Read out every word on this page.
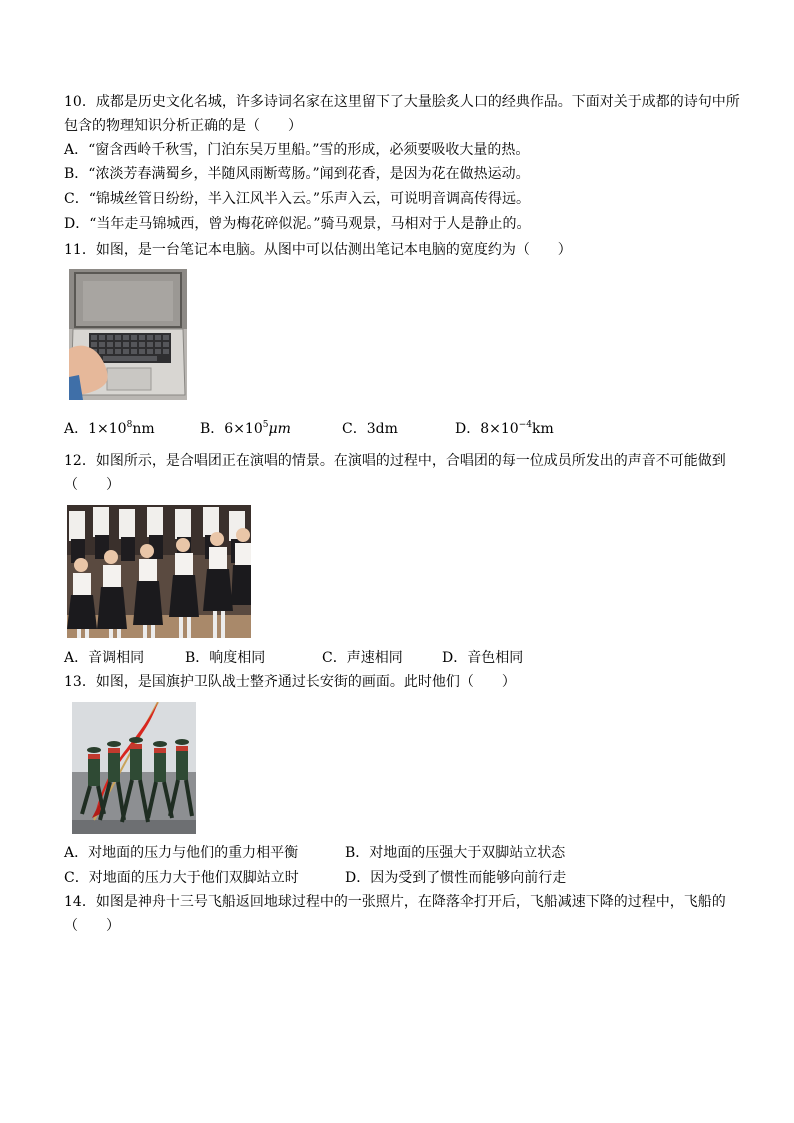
10．成都是历史文化名城，许多诗词名家在这里留下了大量脍炙人口的经典作品。下面对关于成都的诗句中所
包含的物理知识分析正确的是（　　）
A．“窗含西岭千秋雪，门泊东吴万里船。”雪的形成，必须要吸收大量的热。
B．“浓淡芳春满蜀乡，半随风雨断莺肠。”闻到花香，是因为花在做热运动。
C．“锦城丝管日纷纷，半入江风半入云。”乐声入云，可说明音调高传得远。
D．“当年走马锦城西，曾为梅花碎似泥。”骑马观景，马相对于人是静止的。
11．如图，是一台笔记本电脑。从图中可以估测出笔记本电脑的宽度约为（　　）
A．$1\times 10^8nm$	B．$6\times 10^5\mu m$	C．3dm	D．$8\times 10^{-4}km$
12．如图所示，是合唱团正在演唱的情景。在演唱的过程中，合唱团的每一位成员所发出的声音不可能做到
（　　）
A．音调相同	B．响度相同	C．声速相同	D．音色相同
13．如图，是国旗护卫队战士整齐通过长安街的画面。此时他们（　　）
A．对地面的压力与他们的重力相平衡	B．对地面的压强大于双脚站立状态
C．对地面的压力大于他们双脚站立时	D．因为受到了惯性而能够向前行走
14．如图是神舟十三号飞船返回地球过程中的一张照片，在降落伞打开后，飞船减速下降的过程中，飞船的
（　　）
